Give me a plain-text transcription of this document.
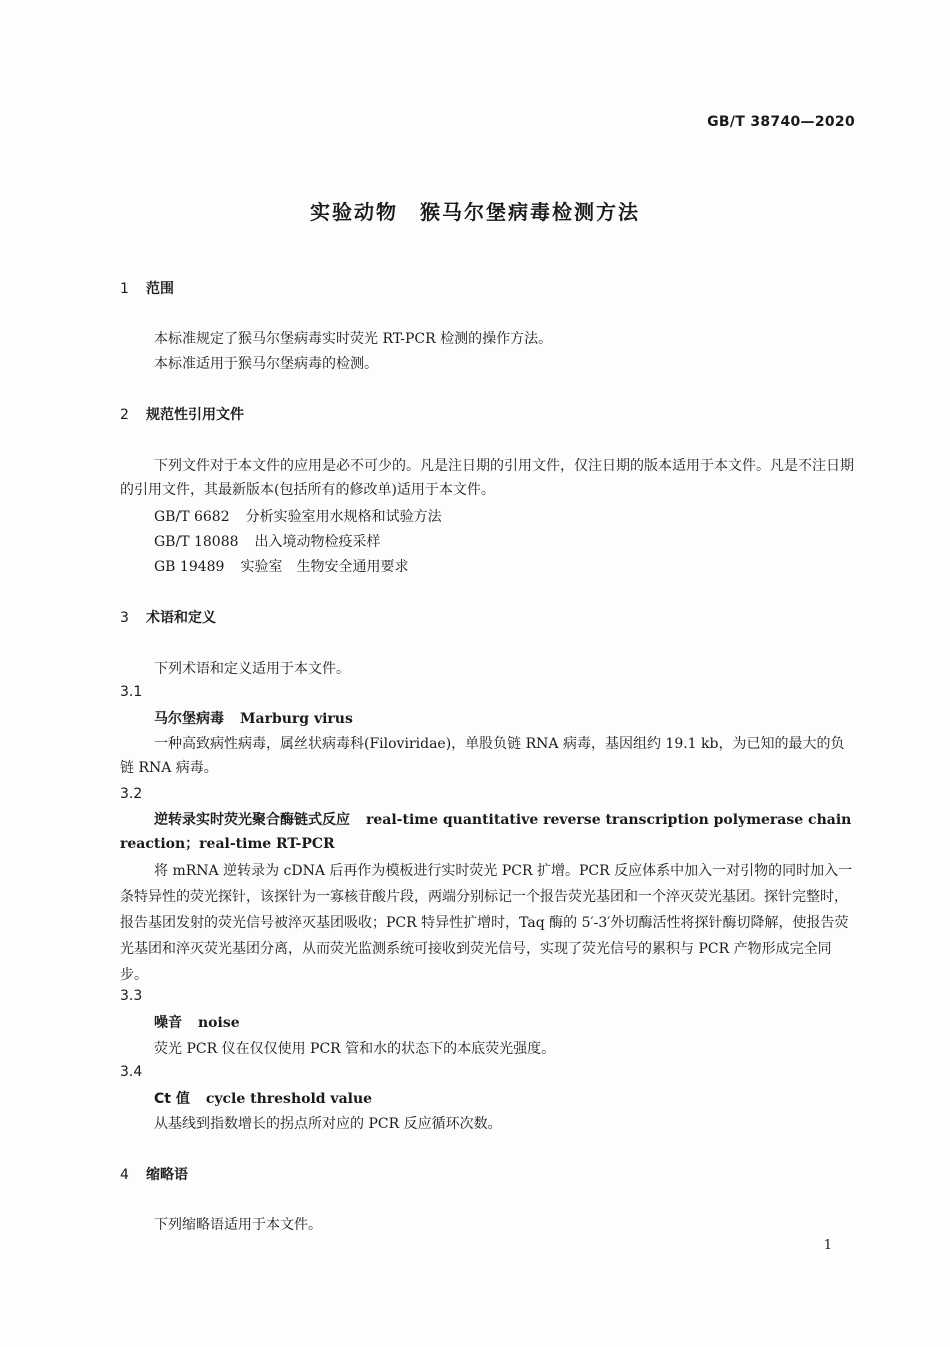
GB/T 38740—2020
实验动物　猴马尔堡病毒检测方法
1 范围
本标准规定了猴马尔堡病毒实时荧光 RT-PCR 检测的操作方法。
本标准适用于猴马尔堡病毒的检测。
2 规范性引用文件
下列文件对于本文件的应用是必不可少的。凡是注日期的引用文件，仅注日期的版本适用于本文件。凡是不注日期的引用文件，其最新版本(包括所有的修改单)适用于本文件。
GB/T 6682 分析实验室用水规格和试验方法
GB/T 18088 出入境动物检疫采样
GB 19489 实验室　生物安全通用要求
3 术语和定义
下列术语和定义适用于本文件。
3.1
马尔堡病毒 Marburg virus
一种高致病性病毒，属丝状病毒科(Filoviridae)，单股负链 RNA 病毒，基因组约 19.1 kb，为已知的最大的负链 RNA 病毒。
3.2
逆转录实时荧光聚合酶链式反应 real-time quantitative reverse transcription polymerase chain reaction；real-time RT-PCR
将 mRNA 逆转录为 cDNA 后再作为模板进行实时荧光 PCR 扩增。PCR 反应体系中加入一对引物的同时加入一条特异性的荧光探针，该探针为一寡核苷酸片段，两端分别标记一个报告荧光基团和一个淬灭荧光基团。探针完整时，报告基团发射的荧光信号被淬灭基团吸收；PCR 特异性扩增时，Taq 酶的 5′-3′外切酶活性将探针酶切降解，使报告荧光基团和淬灭荧光基团分离，从而荧光监测系统可接收到荧光信号，实现了荧光信号的累积与 PCR 产物形成完全同步。
3.3
噪音 noise
荧光 PCR 仪在仅仅使用 PCR 管和水的状态下的本底荧光强度。
3.4
Ct 值 cycle threshold value
从基线到指数增长的拐点所对应的 PCR 反应循环次数。
4 缩略语
下列缩略语适用于本文件。
1
